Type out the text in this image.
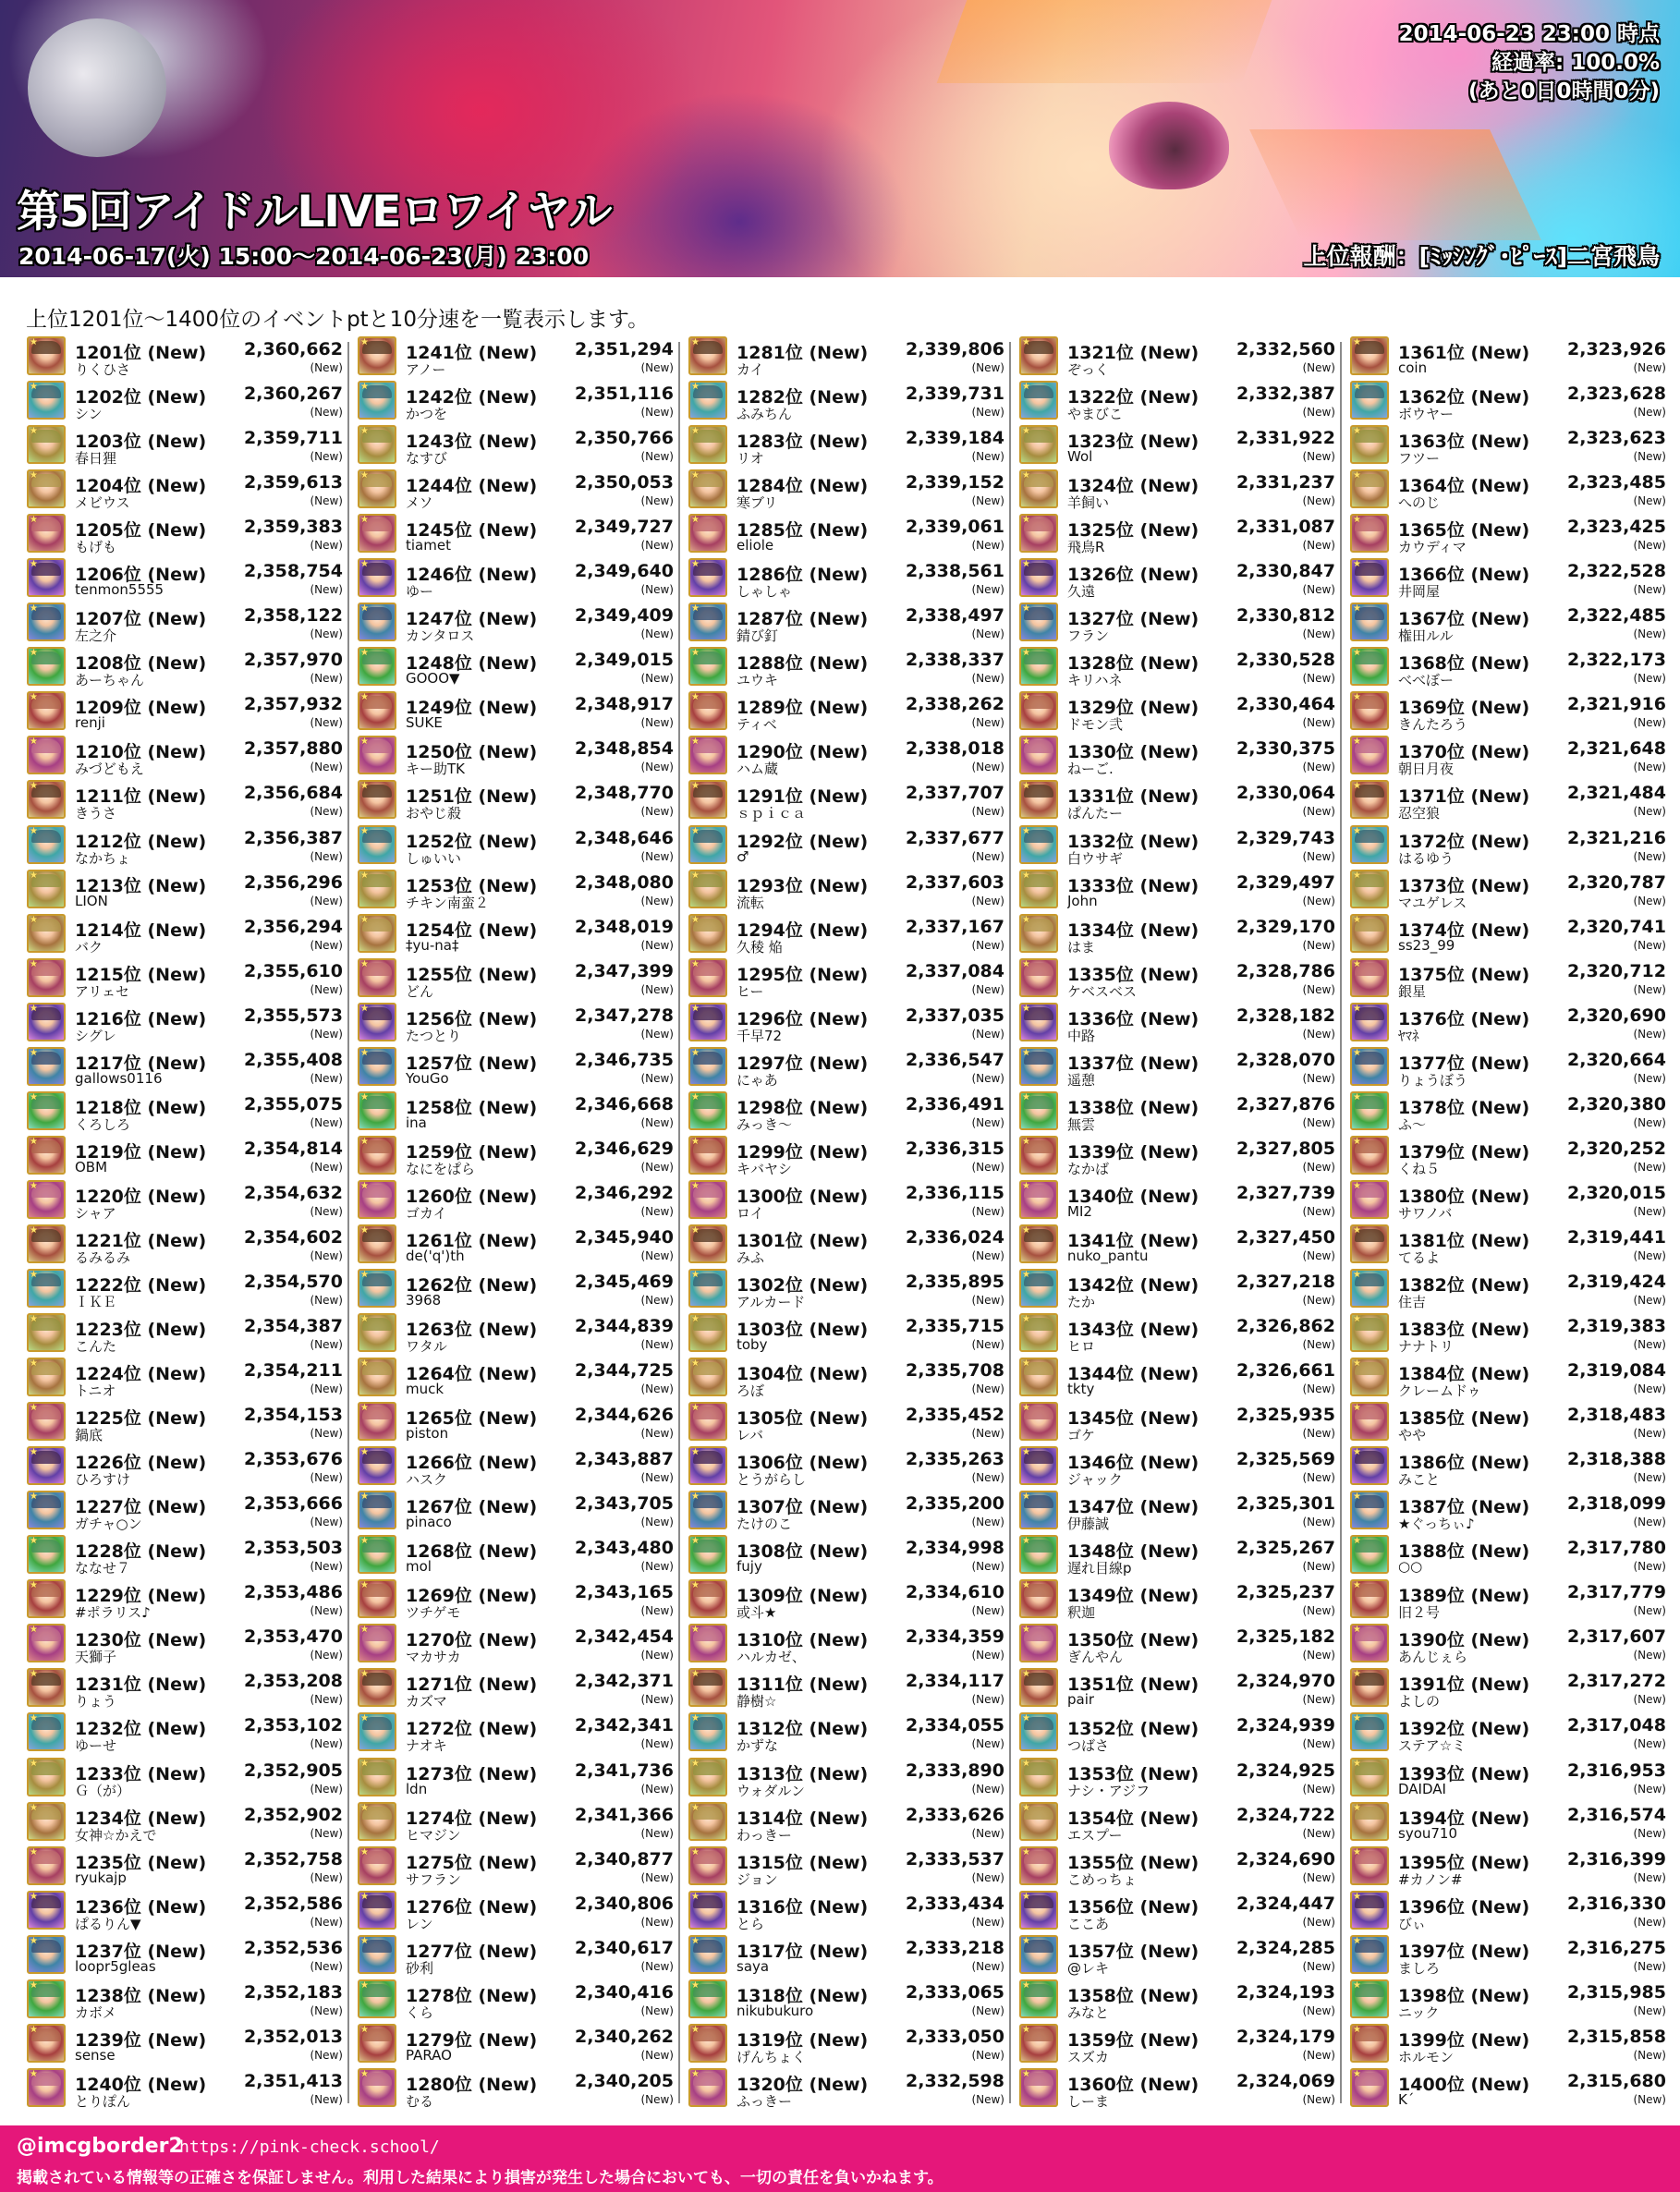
2014-06-23 23:00 時点
経過率: 100.0%
(あと0日0時間0分)
第5回アイドルLIVEロワイヤル
2014-06-17(火) 15:00～2014-06-23(月) 23:00	上位報酬：[ﾐｯｼﾝｸﾞ･ﾋﾟｰｽ]二宮飛鳥
上位1201位～1400位のイベントptと10分速を一覧表示します。
★
1201位 (New) 2,360,662
りくひさ	(New)
★
1202位 (New) 2,360,267
シン	(New)
★
1203位 (New) 2,359,711
春日狸	(New)
★
1204位 (New) 2,359,613
メビウス	(New)
★
1205位 (New) 2,359,383
もげも	(New)
★
1206位 (New) 2,358,754
tenmon5555	(New)
★
1207位 (New) 2,358,122
左之介	(New)
★
1208位 (New) 2,357,970
あーちゃん	(New)
★
1209位 (New) 2,357,932
renji	(New)
★
1210位 (New) 2,357,880
みづどもえ	(New)
★
1211位 (New) 2,356,684
きうさ	(New)
★
1212位 (New) 2,356,387
なかちょ	(New)
★
1213位 (New) 2,356,296
LION	(New)
★
1214位 (New) 2,356,294
バク	(New)
★
1215位 (New) 2,355,610
アリェセ	(New)
★
1216位 (New) 2,355,573
シグレ	(New)
★
1217位 (New) 2,355,408
gallows0116	(New)
★
1218位 (New) 2,355,075
くろしろ	(New)
★
1219位 (New) 2,354,814
OBM	(New)
★
1220位 (New) 2,354,632
シャア	(New)
★
1221位 (New) 2,354,602
るみるみ	(New)
★
1222位 (New) 2,354,570
ＩＫＥ	(New)
★
1223位 (New) 2,354,387
こんた	(New)
★
1224位 (New) 2,354,211
トニオ	(New)
★
1225位 (New) 2,354,153
鍋底	(New)
★
1226位 (New) 2,353,676
ひろすけ	(New)
★
1227位 (New) 2,353,666
ガチャ○ン	(New)
★
1228位 (New) 2,353,503
ななせ７	(New)
★
1229位 (New) 2,353,486
#ポラリス♪	(New)
★
1230位 (New) 2,353,470
天獅子	(New)
★
1231位 (New) 2,353,208
りょう	(New)
★
1232位 (New) 2,353,102
ゆーせ	(New)
★
1233位 (New) 2,352,905
Ｇ（が）	(New)
★
1234位 (New) 2,352,902
女神☆かえで	(New)
★
1235位 (New) 2,352,758
ryukajp	(New)
★
1236位 (New) 2,352,586
ぱるりん▼	(New)
★
1237位 (New) 2,352,536
loopr5gleas	(New)
★
1238位 (New) 2,352,183
カボメ	(New)
★
1239位 (New) 2,352,013
sense	(New)
★
1240位 (New) 2,351,413
とりぽん	(New)
★
1241位 (New) 2,351,294
アノー	(New)
★
1242位 (New) 2,351,116
かつを	(New)
★
1243位 (New) 2,350,766
なすび	(New)
★
1244位 (New) 2,350,053
メソ	(New)
★
1245位 (New) 2,349,727
tiamet	(New)
★
1246位 (New) 2,349,640
ゆー	(New)
★
1247位 (New) 2,349,409
カンタロス	(New)
★
1248位 (New) 2,349,015
GOOO▼	(New)
★
1249位 (New) 2,348,917
SUKE	(New)
★
1250位 (New) 2,348,854
キー助TK	(New)
★
1251位 (New) 2,348,770
おやじ殺	(New)
★
1252位 (New) 2,348,646
しゅいい	(New)
★
1253位 (New) 2,348,080
チキン南蛮２	(New)
★
1254位 (New) 2,348,019
‡yu-na‡	(New)
★
1255位 (New) 2,347,399
どん	(New)
★
1256位 (New) 2,347,278
たつとり	(New)
★
1257位 (New) 2,346,735
YouGo	(New)
★
1258位 (New) 2,346,668
ina	(New)
★
1259位 (New) 2,346,629
なにをぱら	(New)
★
1260位 (New) 2,346,292
ゴカイ	(New)
★
1261位 (New) 2,345,940
de('q')th	(New)
★
1262位 (New) 2,345,469
3968	(New)
★
1263位 (New) 2,344,839
ワタル	(New)
★
1264位 (New) 2,344,725
muck	(New)
★
1265位 (New) 2,344,626
piston	(New)
★
1266位 (New) 2,343,887
ハスク	(New)
★
1267位 (New) 2,343,705
pinaco	(New)
★
1268位 (New) 2,343,480
mol	(New)
★
1269位 (New) 2,343,165
ツチゲモ	(New)
★
1270位 (New) 2,342,454
マカサカ	(New)
★
1271位 (New) 2,342,371
カズマ	(New)
★
1272位 (New) 2,342,341
ナオキ	(New)
★
1273位 (New) 2,341,736
ldn	(New)
★
1274位 (New) 2,341,366
ヒマジン	(New)
★
1275位 (New) 2,340,877
サフラン	(New)
★
1276位 (New) 2,340,806
レン	(New)
★
1277位 (New) 2,340,617
砂利	(New)
★
1278位 (New) 2,340,416
くら	(New)
★
1279位 (New) 2,340,262
PARAO	(New)
★
1280位 (New) 2,340,205
むる	(New)
★
1281位 (New) 2,339,806
カイ	(New)
★
1282位 (New) 2,339,731
ふみちん	(New)
★
1283位 (New) 2,339,184
リオ	(New)
★
1284位 (New) 2,339,152
寒ブリ	(New)
★
1285位 (New) 2,339,061
eliole	(New)
★
1286位 (New) 2,338,561
しゃしゃ	(New)
★
1287位 (New) 2,338,497
錆び釘	(New)
★
1288位 (New) 2,338,337
ユウキ	(New)
★
1289位 (New) 2,338,262
ティベ	(New)
★
1290位 (New) 2,338,018
ハム蔵	(New)
★
1291位 (New) 2,337,707
ｓｐｉｃａ	(New)
★
1292位 (New) 2,337,677
♂	(New)
★
1293位 (New) 2,337,603
流転	(New)
★
1294位 (New) 2,337,167
久稜 焔	(New)
★
1295位 (New) 2,337,084
ヒー	(New)
★
1296位 (New) 2,337,035
千早72	(New)
★
1297位 (New) 2,336,547
にゃあ	(New)
★
1298位 (New) 2,336,491
みっき～	(New)
★
1299位 (New) 2,336,315
キバヤシ	(New)
★
1300位 (New) 2,336,115
ロイ	(New)
★
1301位 (New) 2,336,024
みふ	(New)
★
1302位 (New) 2,335,895
アルカード	(New)
★
1303位 (New) 2,335,715
toby	(New)
★
1304位 (New) 2,335,708
ろぼ	(New)
★
1305位 (New) 2,335,452
レバ	(New)
★
1306位 (New) 2,335,263
とうがらし	(New)
★
1307位 (New) 2,335,200
たけのこ	(New)
★
1308位 (New) 2,334,998
fujy	(New)
★
1309位 (New) 2,334,610
或斗★	(New)
★
1310位 (New) 2,334,359
ハルカゼ、	(New)
★
1311位 (New) 2,334,117
静樹☆	(New)
★
1312位 (New) 2,334,055
かずな	(New)
★
1313位 (New) 2,333,890
ウォダルン	(New)
★
1314位 (New) 2,333,626
わっきー	(New)
★
1315位 (New) 2,333,537
ジョン	(New)
★
1316位 (New) 2,333,434
とら	(New)
★
1317位 (New) 2,333,218
saya	(New)
★
1318位 (New) 2,333,065
nikubukuro	(New)
★
1319位 (New) 2,333,050
げんちょく	(New)
★
1320位 (New) 2,332,598
ふっきー	(New)
★
1321位 (New) 2,332,560
ぞっく	(New)
★
1322位 (New) 2,332,387
やまびこ	(New)
★
1323位 (New) 2,331,922
Wol	(New)
★
1324位 (New) 2,331,237
羊飼い	(New)
★
1325位 (New) 2,331,087
飛鳥R	(New)
★
1326位 (New) 2,330,847
久遠	(New)
★
1327位 (New) 2,330,812
フラン	(New)
★
1328位 (New) 2,330,528
キリハネ	(New)
★
1329位 (New) 2,330,464
ドモン弐	(New)
★
1330位 (New) 2,330,375
ねーご.	(New)
★
1331位 (New) 2,330,064
ぱんたー	(New)
★
1332位 (New) 2,329,743
白ウサギ	(New)
★
1333位 (New) 2,329,497
John	(New)
★
1334位 (New) 2,329,170
はま	(New)
★
1335位 (New) 2,328,786
ケベスベス	(New)
★
1336位 (New) 2,328,182
中路	(New)
★
1337位 (New) 2,328,070
遥憩	(New)
★
1338位 (New) 2,327,876
無雲	(New)
★
1339位 (New) 2,327,805
なかば	(New)
★
1340位 (New) 2,327,739
MI2	(New)
★
1341位 (New) 2,327,450
nuko_pantu	(New)
★
1342位 (New) 2,327,218
たか	(New)
★
1343位 (New) 2,326,862
ヒロ	(New)
★
1344位 (New) 2,326,661
tkty	(New)
★
1345位 (New) 2,325,935
ゴケ	(New)
★
1346位 (New) 2,325,569
ジャック	(New)
★
1347位 (New) 2,325,301
伊藤誠	(New)
★
1348位 (New) 2,325,267
遅れ目線p	(New)
★
1349位 (New) 2,325,237
釈迦	(New)
★
1350位 (New) 2,325,182
ぎんやん	(New)
★
1351位 (New) 2,324,970
pair	(New)
★
1352位 (New) 2,324,939
つばさ	(New)
★
1353位 (New) 2,324,925
ナシ・アジフ	(New)
★
1354位 (New) 2,324,722
エスプー	(New)
★
1355位 (New) 2,324,690
こめっちょ	(New)
★
1356位 (New) 2,324,447
ここあ	(New)
★
1357位 (New) 2,324,285
@レキ	(New)
★
1358位 (New) 2,324,193
みなと	(New)
★
1359位 (New) 2,324,179
スズカ	(New)
★
1360位 (New) 2,324,069
しーま	(New)
★
1361位 (New) 2,323,926
coin	(New)
★
1362位 (New) 2,323,628
ボウヤー	(New)
★
1363位 (New) 2,323,623
フツー	(New)
★
1364位 (New) 2,323,485
へのじ	(New)
★
1365位 (New) 2,323,425
カウディマ	(New)
★
1366位 (New) 2,322,528
井岡屋	(New)
★
1367位 (New) 2,322,485
権田ルル	(New)
★
1368位 (New) 2,322,173
べべぼー	(New)
★
1369位 (New) 2,321,916
きんたろう	(New)
★
1370位 (New) 2,321,648
朝日月夜	(New)
★
1371位 (New) 2,321,484
忍空狼	(New)
★
1372位 (New) 2,321,216
はるゆう	(New)
★
1373位 (New) 2,320,787
マユゲレス	(New)
★
1374位 (New) 2,320,741
ss23_99	(New)
★
1375位 (New) 2,320,712
銀星	(New)
★
1376位 (New) 2,320,690
ﾔﾏﾈ	(New)
★
1377位 (New) 2,320,664
りょうぼう	(New)
★
1378位 (New) 2,320,380
ふ～	(New)
★
1379位 (New) 2,320,252
くね５	(New)
★
1380位 (New) 2,320,015
サワノバ	(New)
★
1381位 (New) 2,319,441
てるよ	(New)
★
1382位 (New) 2,319,424
住吉	(New)
★
1383位 (New) 2,319,383
ナナトリ	(New)
★
1384位 (New) 2,319,084
クレームドゥ	(New)
★
1385位 (New) 2,318,483
やや	(New)
★
1386位 (New) 2,318,388
みこと	(New)
★
1387位 (New) 2,318,099
★ぐっちぃ♪	(New)
★
1388位 (New) 2,317,780
○○	(New)
★
1389位 (New) 2,317,779
旧２号	(New)
★
1390位 (New) 2,317,607
あんじぇら	(New)
★
1391位 (New) 2,317,272
よしの	(New)
★
1392位 (New) 2,317,048
ステア☆ミ	(New)
★
1393位 (New) 2,316,953
DAIDAI	(New)
★
1394位 (New) 2,316,574
syou710	(New)
★
1395位 (New) 2,316,399
#カノン#	(New)
★
1396位 (New) 2,316,330
びぃ	(New)
★
1397位 (New) 2,316,275
ましろ	(New)
★
1398位 (New) 2,315,985
ニック	(New)
★
1399位 (New) 2,315,858
ホルモン	(New)
★
1400位 (New) 2,315,680
K´	(New)
@imcgborder2
https://pink-check.school/
掲載されている情報等の正確さを保証しません。利用した結果により損害が発生した場合においても、一切の責任を負いかねます。
